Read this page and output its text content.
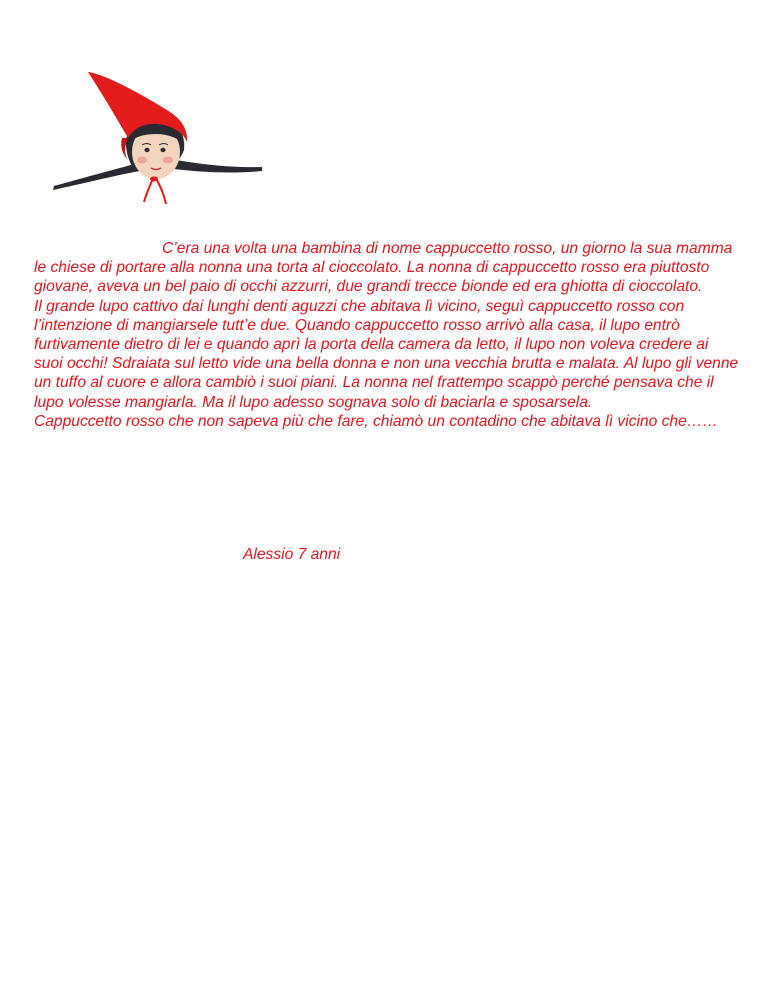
C’era una volta una bambina di nome cappuccetto rosso, un giorno la sua mamma le chiese di portare alla nonna una torta al cioccolato. La nonna di cappuccetto rosso era piuttosto giovane, aveva un bel paio di occhi azzurri, due grandi trecce bionde ed era ghiotta di cioccolato.

Il grande lupo cattivo dai lunghi denti aguzzi che abitava lì vicino, seguì cappuccetto rosso con l’intenzione di mangiarsele tutt’e due. Quando cappuccetto rosso arrivò alla casa, il lupo entrò furtivamente dietro di lei e quando aprì la porta della camera da letto, il lupo non voleva credere ai suoi occhi! Sdraiata sul letto vide una bella donna e non una vecchia brutta e malata. Al lupo gli venne un tuffo al cuore e allora cambiò i suoi piani. La nonna nel frattempo scappò perché pensava che il lupo volesse mangiarla. Ma il lupo adesso sognava solo di baciarla e sposarsela.

Cappuccetto rosso che non sapeva più che fare, chiamò un contadino che abitava lì vicino che……

Alessio 7 anni
